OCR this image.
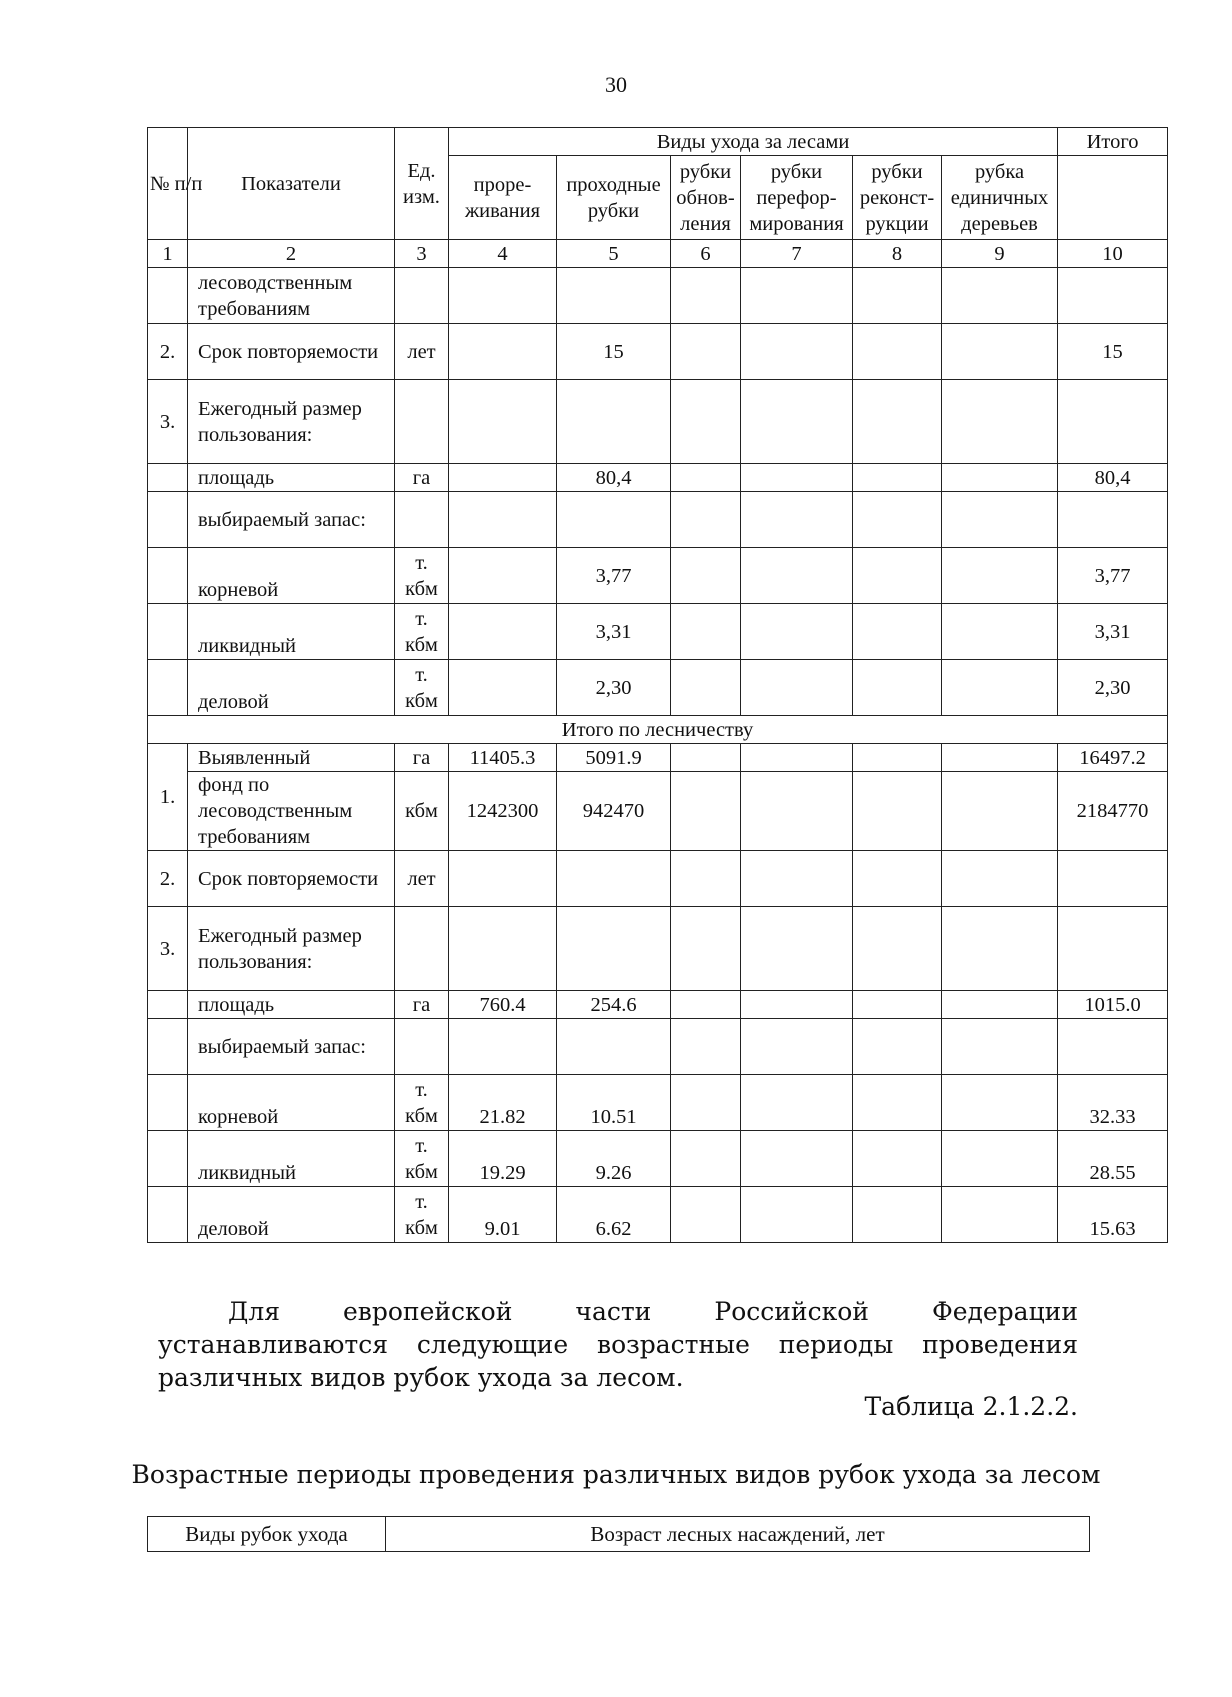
30
№ п/п	Показатели	Ед. изм.	Виды ухода за лесами						Итого
			проре-живания	проходные рубки	рубки обнов-ления	рубки перефор-мирования	рубки реконст-рукции	рубка единичных деревьев	
1	2	3	4	5	6	7	8	9	10
	лесоводственным требованиям								
2.	Срок повторяемости	лет		15					15
3.	Ежегодный размер пользования:								
	площадь	га		80,4					80,4
	выбираемый запас:								
	корневой	т. кбм		3,77					3,77
	ликвидный	т. кбм		3,31					3,31
	деловой	т. кбм		2,30					2,30
Итого по лесничеству									
1.	Выявленный	га	11405.3	5091.9					16497.2
	фонд по лесоводственным требованиям	кбм	1242300	942470					2184770
2.	Срок повторяемости	лет							
3.	Ежегодный размер пользования:								
	площадь	га	760.4	254.6					1015.0
	выбираемый запас:								
	корневой	т. кбм	21.82	10.51					32.33
	ликвидный	т. кбм	19.29	9.26					28.55
	деловой	т. кбм	9.01	6.62					15.63
Для европейской части Российской Федерации устанавливаются следующие возрастные периоды проведения различных видов рубок ухода за лесом.
Таблица 2.1.2.2.
Возрастные периоды проведения различных видов рубок ухода за лесом
Виды рубок ухода	Возраст лесных насаждений, лет
